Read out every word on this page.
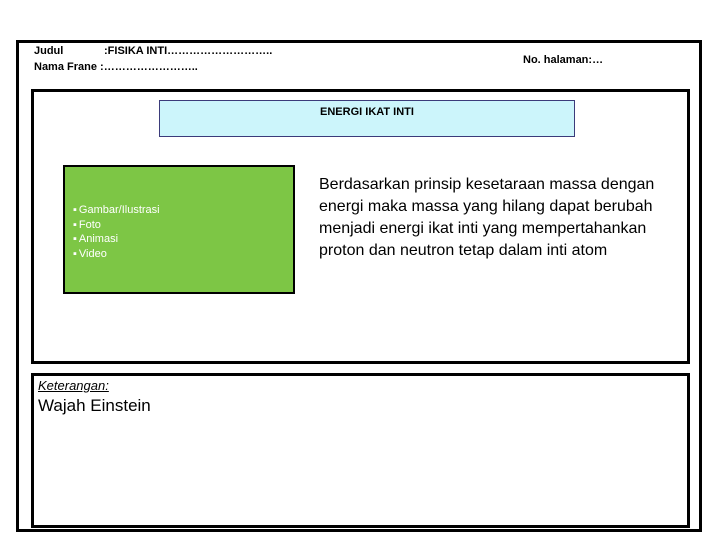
Judul	:FISIKA INTI………………………..
Nama Frane :……………………..
No. halaman:…
ENERGI IKAT INTI
▪ Gambar/Ilustrasi
▪ Foto
▪ Animasi
▪ Video
Berdasarkan prinsip kesetaraan massa dengan energi maka massa yang hilang dapat berubah menjadi energi ikat inti yang mempertahankan proton dan neutron tetap dalam inti atom
Keterangan:
Wajah Einstein
